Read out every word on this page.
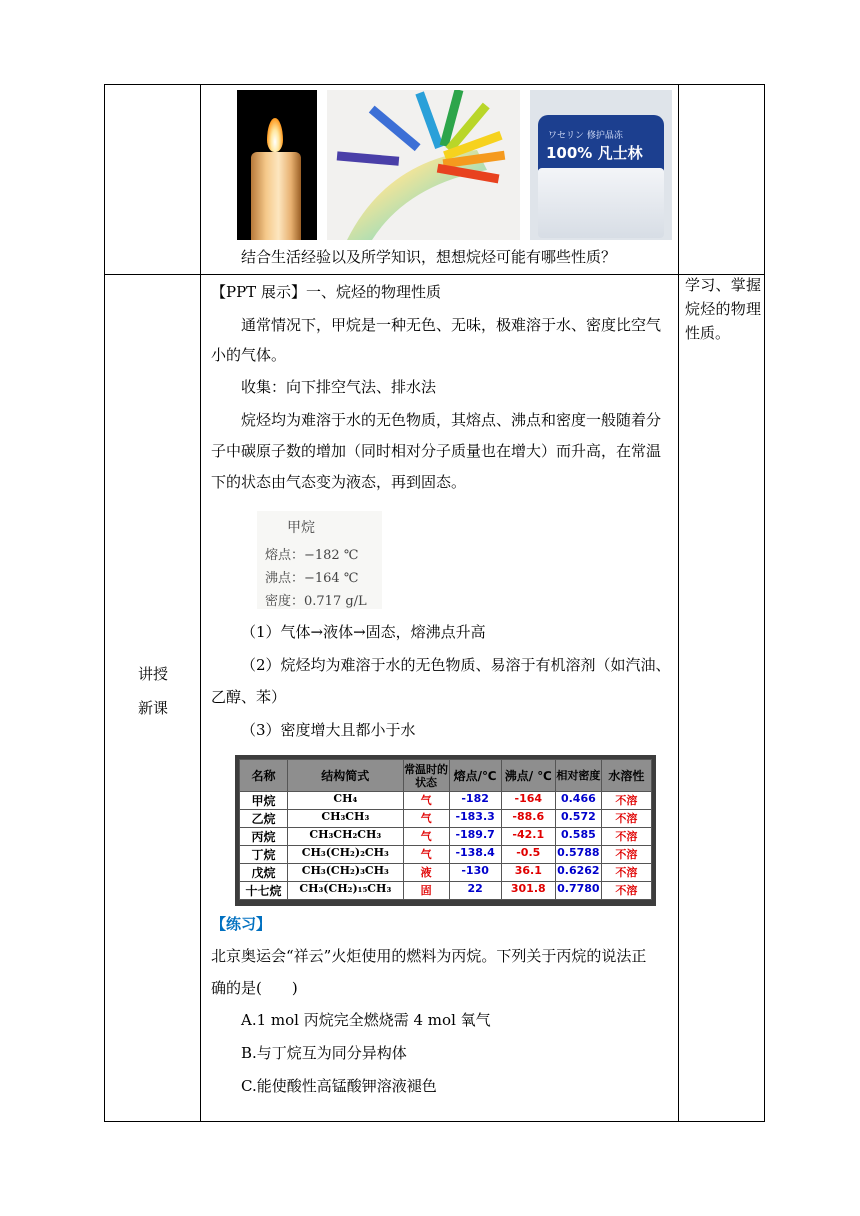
ワセリン 修护晶冻
100% 凡士林
结合生活经验以及所学知识，想想烷烃可能有哪些性质？

讲授
新课

【PPT 展示】一、烷烃的物理性质
通常情况下，甲烷是一种无色、无味，极难溶于水、密度比空气
小的气体。
收集：向下排空气法、排水法
烷烃均为难溶于水的无色物质，其熔点、沸点和密度一般随着分
子中碳原子数的增加（同时相对分子质量也在增大）而升高，在常温
下的状态由气态变为液态，再到固态。
甲烷
熔点：−182 ℃
沸点：−164 ℃
密度：0.717 g/L
（1）气体→液体→固态，熔沸点升高
（2）烷烃均为难溶于水的无色物质、易溶于有机溶剂（如汽油、
乙醇、苯）
（3）密度增大且都小于水
名称	结构简式	常温时的状态	熔点/℃	沸点/ ℃	相对密度	水溶性
甲烷	CH₄	气	-182	-164	0.466	不溶
乙烷	CH₃CH₃	气	-183.3	-88.6	0.572	不溶
丙烷	CH₃CH₂CH₃	气	-189.7	-42.1	0.585	不溶
丁烷	CH₃(CH₂)₂CH₃	气	-138.4	-0.5	0.5788	不溶
戊烷	CH₃(CH₂)₃CH₃	液	-130	36.1	0.6262	不溶
十七烷	CH₃(CH₂)₁₅CH₃	固	22	301.8	0.7780	不溶
【练习】
北京奥运会“祥云”火炬使用的燃料为丙烷。下列关于丙烷的说法正
确的是(　　)
A.1 mol 丙烷完全燃烧需 4 mol 氧气
B.与丁烷互为同分异构体
C.能使酸性高锰酸钾溶液褪色

学习、掌握烷烃的物理性质。
